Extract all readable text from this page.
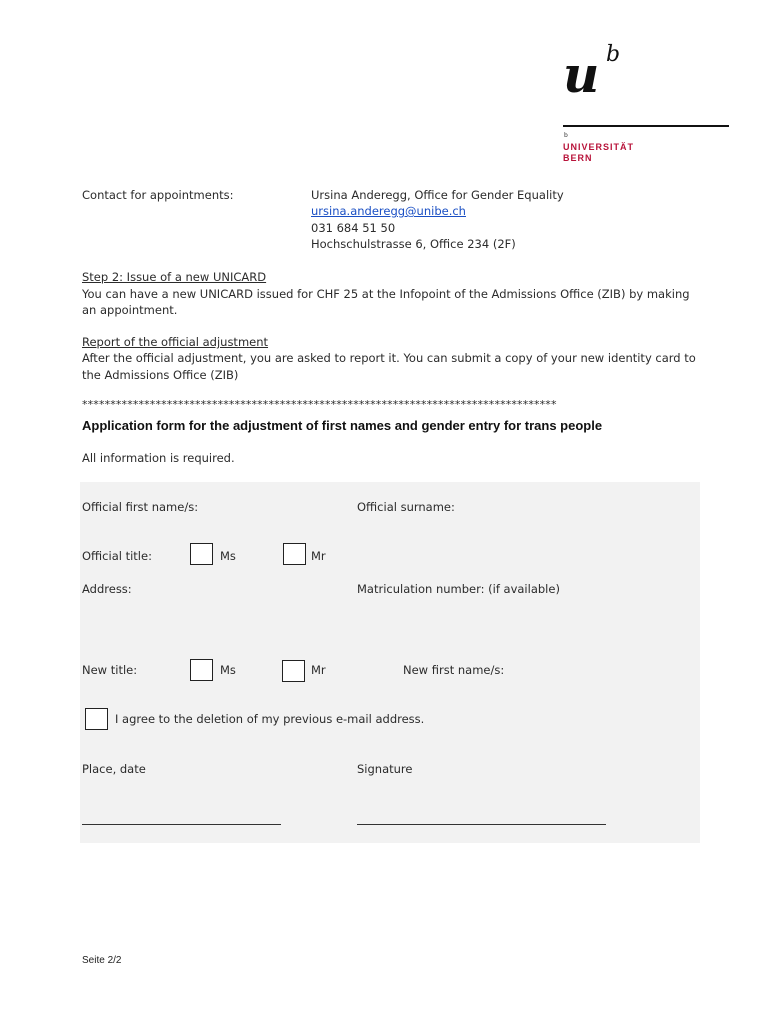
u b
b
UNIVERSITÄT
BERN
Contact for appointments:	Ursina Anderegg, Office for Gender Equality
ursina.anderegg@unibe.ch
031 684 51 50
Hochschulstrasse 6, Office 234 (2F)
Step 2: Issue of a new UNICARD
You can have a new UNICARD issued for CHF 25 at the Infopoint of the Admissions Office (ZIB) by making
an appointment.
Report of the official adjustment
After the official adjustment, you are asked to report it. You can submit a copy of your new identity card to
the Admissions Office (ZIB)
************************************************************************************
Application form for the adjustment of first names and gender entry for trans people
All information is required.
Official first name/s:	Official surname:
Official title:	Ms	Mr
Address:	Matriculation number: (if available)
New title:	Ms	Mr	New first name/s:
I agree to the deletion of my previous e-mail address.
Place, date	Signature
Seite 2/2
